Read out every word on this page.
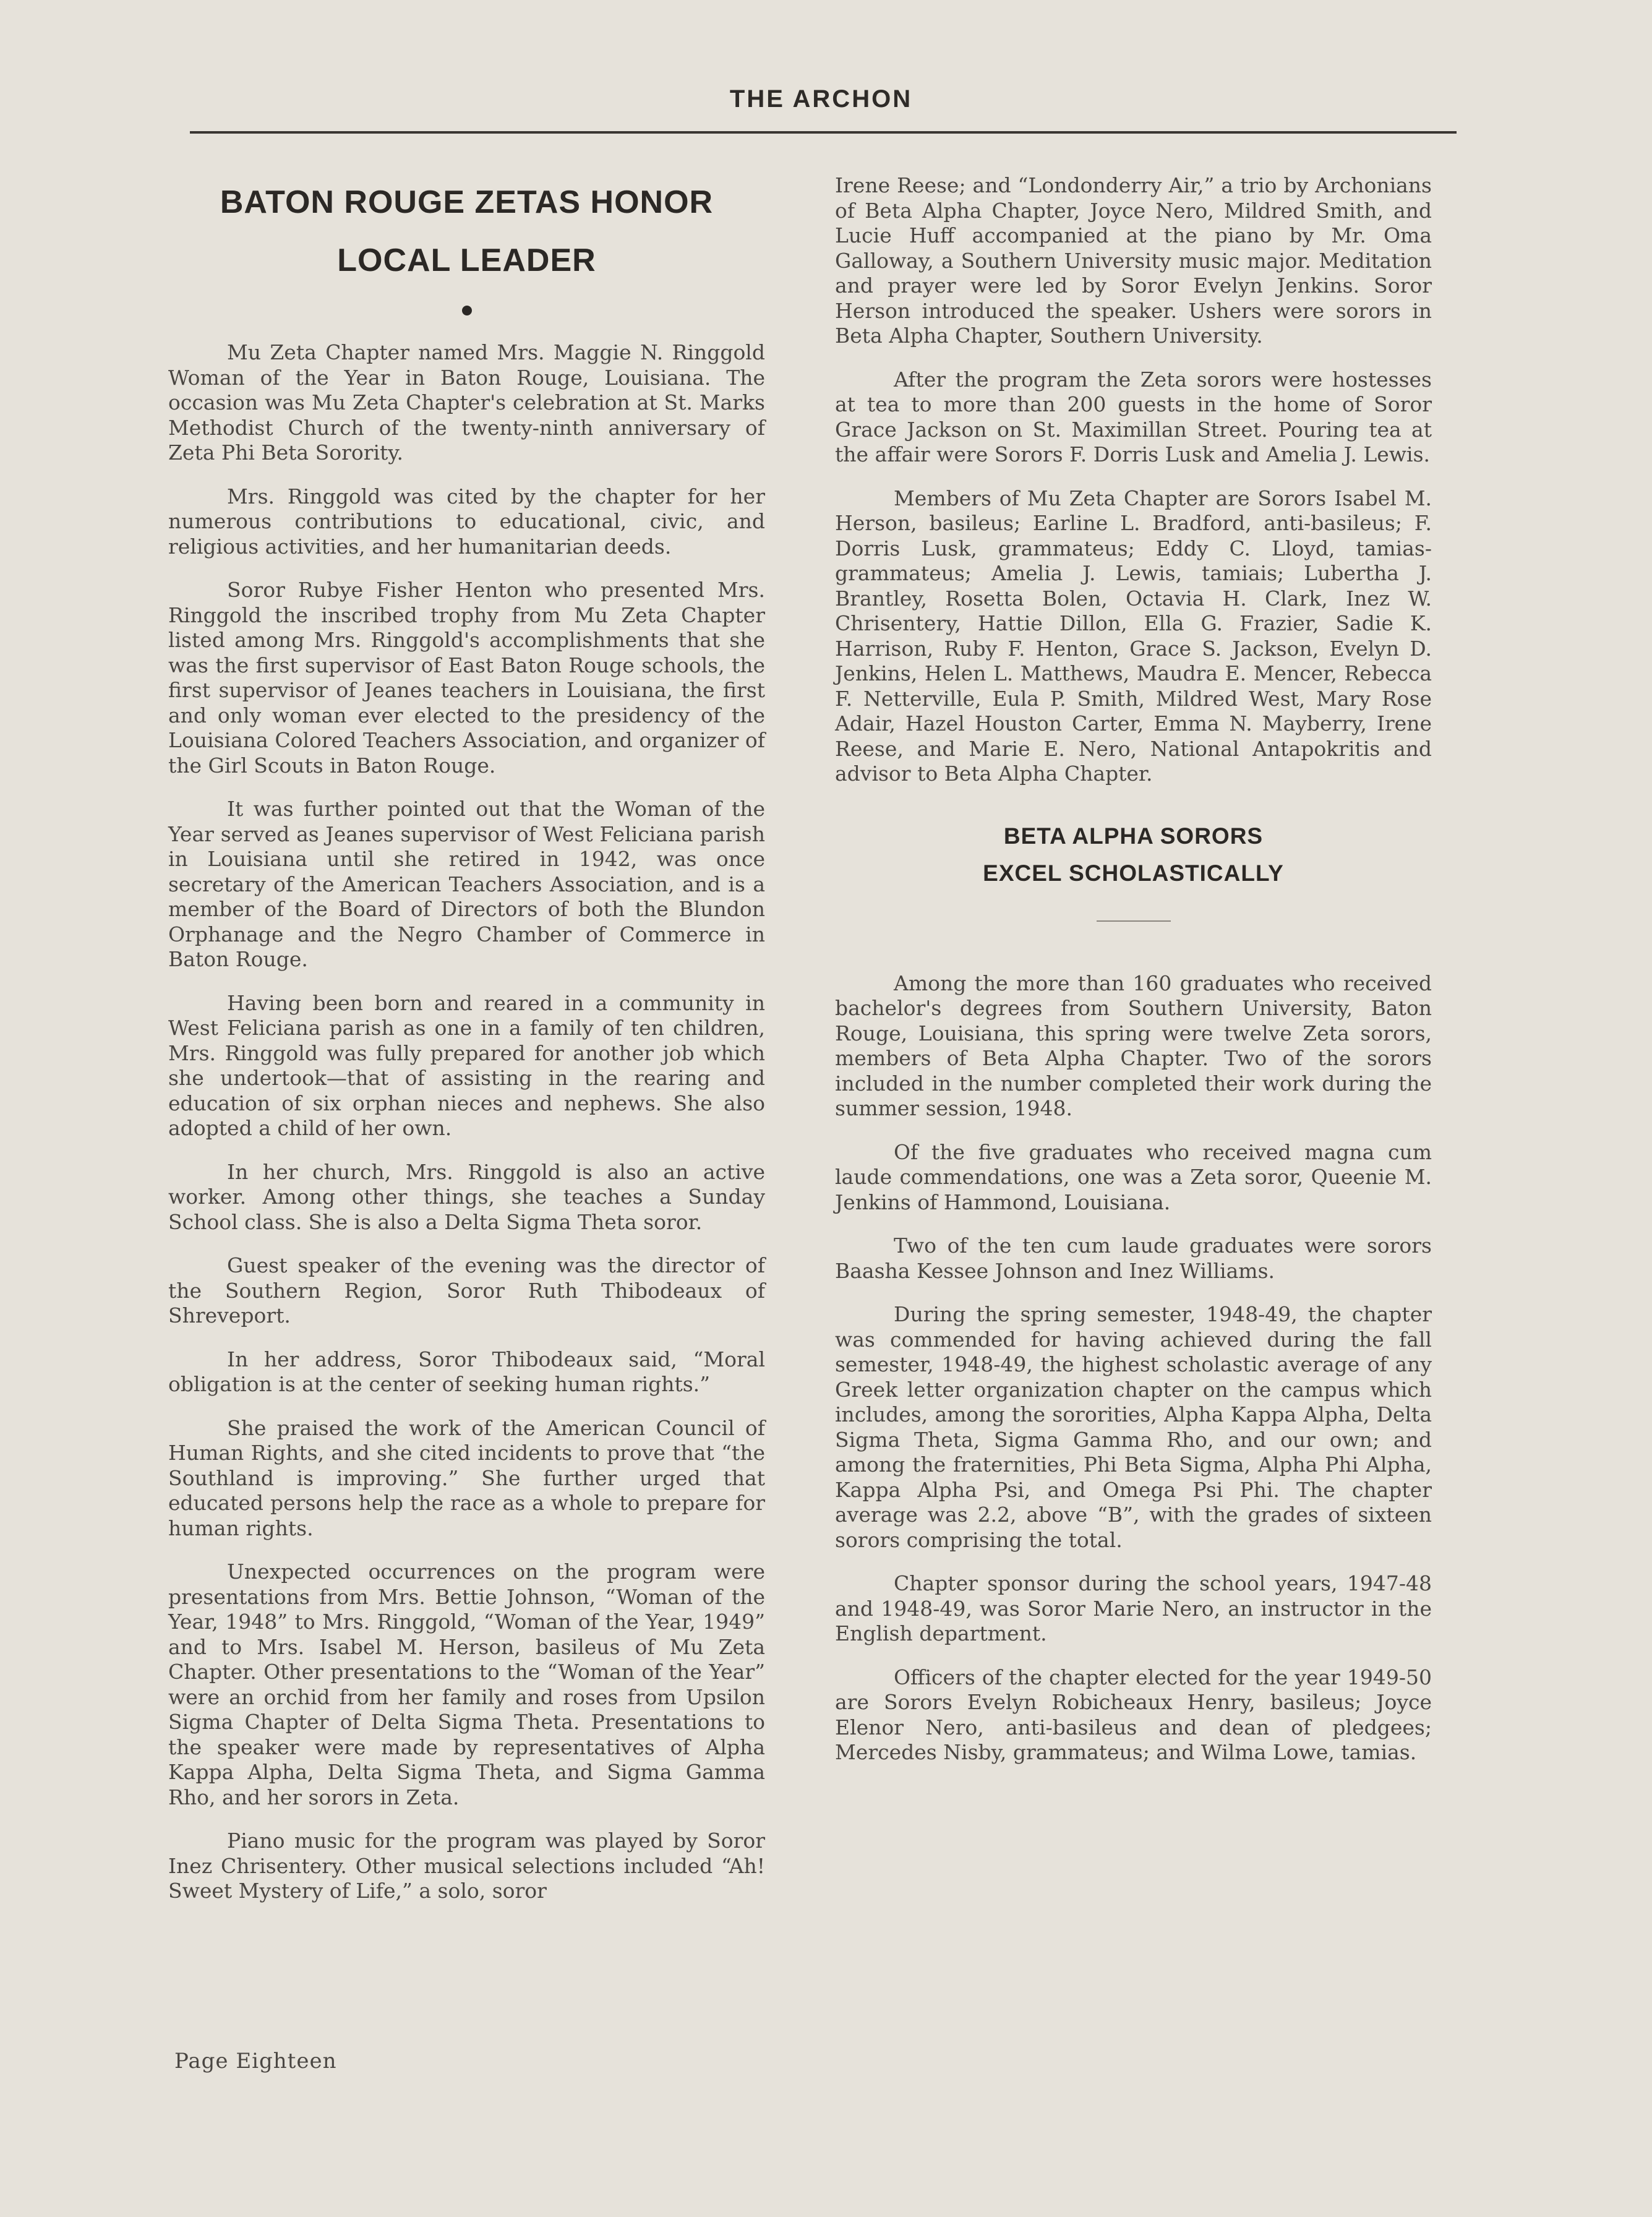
THE ARCHON
BATON ROUGE ZETAS HONOR
LOCAL LEADER

Mu Zeta Chapter named Mrs. Maggie N. Ringgold Woman of the Year in Baton Rouge, Louisiana. The occasion was Mu Zeta Chapter's celebration at St. Marks Methodist Church of the twenty-ninth anniversary of Zeta Phi Beta Sorority.

Mrs. Ringgold was cited by the chapter for her numerous contributions to educational, civic, and religious activities, and her humanitarian deeds.

Soror Rubye Fisher Henton who presented Mrs. Ringgold the inscribed trophy from Mu Zeta Chapter listed among Mrs. Ringgold's accomplishments that she was the first supervisor of East Baton Rouge schools, the first supervisor of Jeanes teachers in Louisiana, the first and only woman ever elected to the presidency of the Louisiana Colored Teachers Association, and organizer of the Girl Scouts in Baton Rouge.

It was further pointed out that the Woman of the Year served as Jeanes supervisor of West Feliciana parish in Louisiana until she retired in 1942, was once secretary of the American Teachers Association, and is a member of the Board of Directors of both the Blundon Orphanage and the Negro Chamber of Commerce in Baton Rouge.

Having been born and reared in a community in West Feliciana parish as one in a family of ten children, Mrs. Ringgold was fully prepared for another job which she undertook—that of assisting in the rearing and education of six orphan nieces and nephews. She also adopted a child of her own.

In her church, Mrs. Ringgold is also an active worker. Among other things, she teaches a Sunday School class. She is also a Delta Sigma Theta soror.

Guest speaker of the evening was the director of the Southern Region, Soror Ruth Thibodeaux of Shreveport.

In her address, Soror Thibodeaux said, “Moral obligation is at the center of seeking human rights.”

She praised the work of the American Council of Human Rights, and she cited incidents to prove that “the Southland is improving.” She further urged that educated persons help the race as a whole to prepare for human rights.

Unexpected occurrences on the program were presentations from Mrs. Bettie Johnson, “Woman of the Year, 1948” to Mrs. Ringgold, “Woman of the Year, 1949” and to Mrs. Isabel M. Herson, basileus of Mu Zeta Chapter. Other presentations to the “Woman of the Year” were an orchid from her family and roses from Upsilon Sigma Chapter of Delta Sigma Theta. Presentations to the speaker were made by representatives of Alpha Kappa Alpha, Delta Sigma Theta, and Sigma Gamma Rho, and her sorors in Zeta.

Piano music for the program was played by Soror Inez Chrisentery. Other musical selections included “Ah! Sweet Mystery of Life,” a solo, soror

Irene Reese; and “Londonderry Air,” a trio by Archonians of Beta Alpha Chapter, Joyce Nero, Mildred Smith, and Lucie Huff accompanied at the piano by Mr. Oma Galloway, a Southern University music major. Meditation and prayer were led by Soror Evelyn Jenkins. Soror Herson introduced the speaker. Ushers were sorors in Beta Alpha Chapter, Southern University.

After the program the Zeta sorors were hostesses at tea to more than 200 guests in the home of Soror Grace Jackson on St. Maximillan Street. Pouring tea at the affair were Sorors F. Dorris Lusk and Amelia J. Lewis.

Members of Mu Zeta Chapter are Sorors Isabel M. Herson, basileus; Earline L. Bradford, anti-basileus; F. Dorris Lusk, grammateus; Eddy C. Lloyd, tamias-grammateus; Amelia J. Lewis, tamiais; Lubertha J. Brantley, Rosetta Bolen, Octavia H. Clark, Inez W. Chrisentery, Hattie Dillon, Ella G. Frazier, Sadie K. Harrison, Ruby F. Henton, Grace S. Jackson, Evelyn D. Jenkins, Helen L. Matthews, Maudra E. Mencer, Rebecca F. Netterville, Eula P. Smith, Mildred West, Mary Rose Adair, Hazel Houston Carter, Emma N. Mayberry, Irene Reese, and Marie E. Nero, National Antapokritis and advisor to Beta Alpha Chapter.

BETA ALPHA SORORS
EXCEL SCHOLASTICALLY

Among the more than 160 graduates who received bachelor's degrees from Southern University, Baton Rouge, Louisiana, this spring were twelve Zeta sorors, members of Beta Alpha Chapter. Two of the sorors included in the number completed their work during the summer session, 1948.

Of the five graduates who received magna cum laude commendations, one was a Zeta soror, Queenie M. Jenkins of Hammond, Louisiana.

Two of the ten cum laude graduates were sorors Baasha Kessee Johnson and Inez Williams.

During the spring semester, 1948-49, the chapter was commended for having achieved during the fall semester, 1948-49, the highest scholastic average of any Greek letter organization chapter on the campus which includes, among the sororities, Alpha Kappa Alpha, Delta Sigma Theta, Sigma Gamma Rho, and our own; and among the fraternities, Phi Beta Sigma, Alpha Phi Alpha, Kappa Alpha Psi, and Omega Psi Phi. The chapter average was 2.2, above “B”, with the grades of sixteen sorors comprising the total.

Chapter sponsor during the school years, 1947-48 and 1948-49, was Soror Marie Nero, an instructor in the English department.

Officers of the chapter elected for the year 1949-50 are Sorors Evelyn Robicheaux Henry, basileus; Joyce Elenor Nero, anti-basileus and dean of pledgees; Mercedes Nisby, grammateus; and Wilma Lowe, tamias.

Page Eighteen
